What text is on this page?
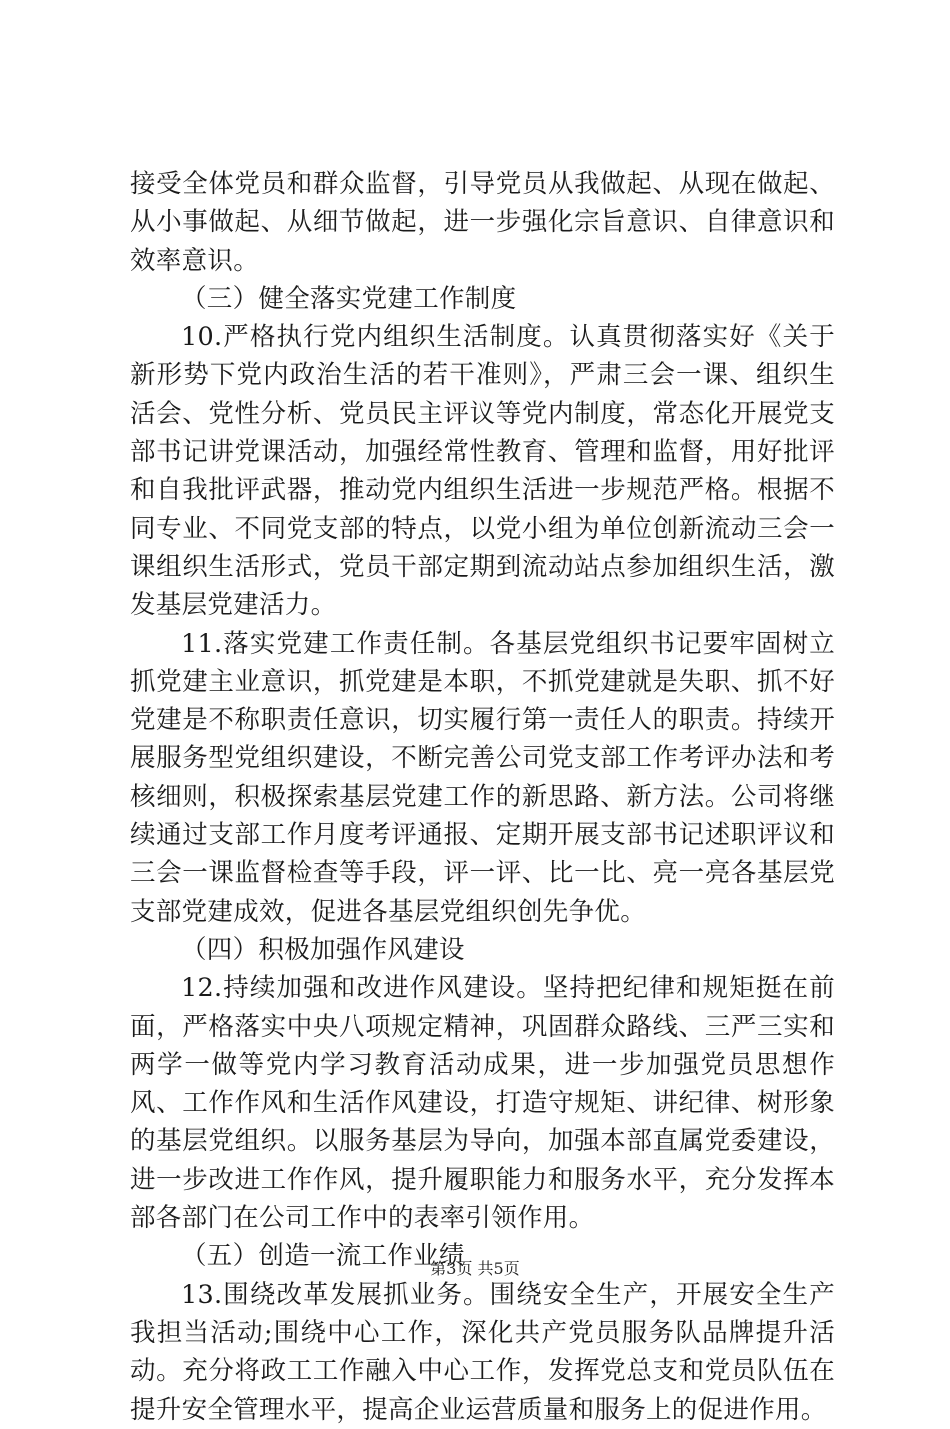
接受全体党员和群众监督，引导党员从我做起、从现在做起、从小事做起、从细节做起，进一步强化宗旨意识、自律意识和效率意识。

（三）健全落实党建工作制度

10.严格执行党内组织生活制度。认真贯彻落实好《关于新形势下党内政治生活的若干准则》，严肃三会一课、组织生活会、党性分析、党员民主评议等党内制度，常态化开展党支部书记讲党课活动，加强经常性教育、管理和监督，用好批评和自我批评武器，推动党内组织生活进一步规范严格。根据不同专业、不同党支部的特点，以党小组为单位创新流动三会一课组织生活形式，党员干部定期到流动站点参加组织生活，激发基层党建活力。

11.落实党建工作责任制。各基层党组织书记要牢固树立抓党建主业意识，抓党建是本职，不抓党建就是失职、抓不好党建是不称职责任意识，切实履行第一责任人的职责。持续开展服务型党组织建设，不断完善公司党支部工作考评办法和考核细则，积极探索基层党建工作的新思路、新方法。公司将继续通过支部工作月度考评通报、定期开展支部书记述职评议和三会一课监督检查等手段，评一评、比一比、亮一亮各基层党支部党建成效，促进各基层党组织创先争优。

（四）积极加强作风建设

12.持续加强和改进作风建设。坚持把纪律和规矩挺在前面，严格落实中央八项规定精神，巩固群众路线、三严三实和两学一做等党内学习教育活动成果，进一步加强党员思想作风、工作作风和生活作风建设，打造守规矩、讲纪律、树形象的基层党组织。以服务基层为导向，加强本部直属党委建设，进一步改进工作作风，提升履职能力和服务水平，充分发挥本部各部门在公司工作中的表率引领作用。

（五）创造一流工作业绩

13.围绕改革发展抓业务。围绕安全生产，开展安全生产我担当活动;围绕中心工作，深化共产党员服务队品牌提升活动。充分将政工工作融入中心工作，发挥党总支和党员队伍在提升安全管理水平，提高企业运营质量和服务上的促进作用。

第3页 共5页
